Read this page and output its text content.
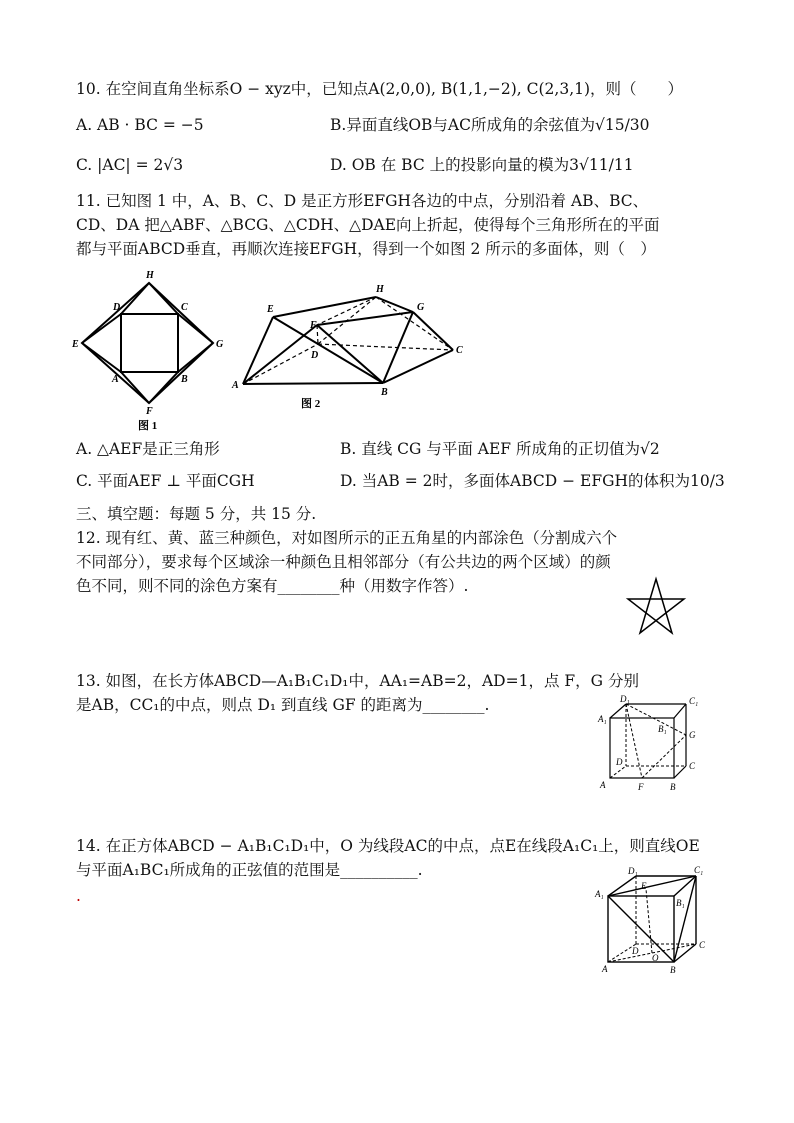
10. 在空间直角坐标系O − xyz中，已知点A(2,0,0), B(1,1,−2), C(2,3,1)，则（　　）
A. AB · BC = −5	B.异面直线OB与AC所成角的余弦值为√15/30
C. |AC| = 2√3	D. OB 在 BC 上的投影向量的模为3√11/11
11. 已知图 1 中，A、B、C、D 是正方形EFGH各边的中点，分别沿着 AB、BC、
CD、DA 把△ABF、△BCG、△CDH、△DAE向上折起，使得每个三角形所在的平面
都与平面ABCD垂直，再顺次连接EFGH，得到一个如图 2 所示的多面体，则（　）
H
D	C
E	G
A	B
F
图 1
E
H
G
F
D	C
A
B
图 2
A. △AEF是正三角形	B. 直线 CG 与平面 AEF 所成角的正切值为√2
C. 平面AEF ⊥ 平面CGH	D. 当AB = 2时，多面体ABCD − EFGH的体积为10/3
三、填空题：每题 5 分，共 15 分.
12. 现有红、黄、蓝三种颜色，对如图所示的正五角星的内部涂色（分割成六个
不同部分），要求每个区域涂一种颜色且相邻部分（有公共边的两个区域）的颜
色不同，则不同的涂色方案有________种（用数字作答）.
13. 如图，在长方体ABCD—A₁B₁C₁D₁中，AA₁=AB=2，AD=1，点 F，G 分别
是AB，CC₁的中点，则点 D₁ 到直线 GF 的距离为________.	D₁	C₁
A₁
B₁
G
D	C
A	F	B
14. 在正方体ABCD − A₁B₁C₁D₁中，O 为线段AC的中点，点E在线段A₁C₁上，则直线OE
与平面A₁BC₁所成角的正弦值的范围是__________.
.
D₁
E
C₁
A₁
B₁
D
O
C
A	B
